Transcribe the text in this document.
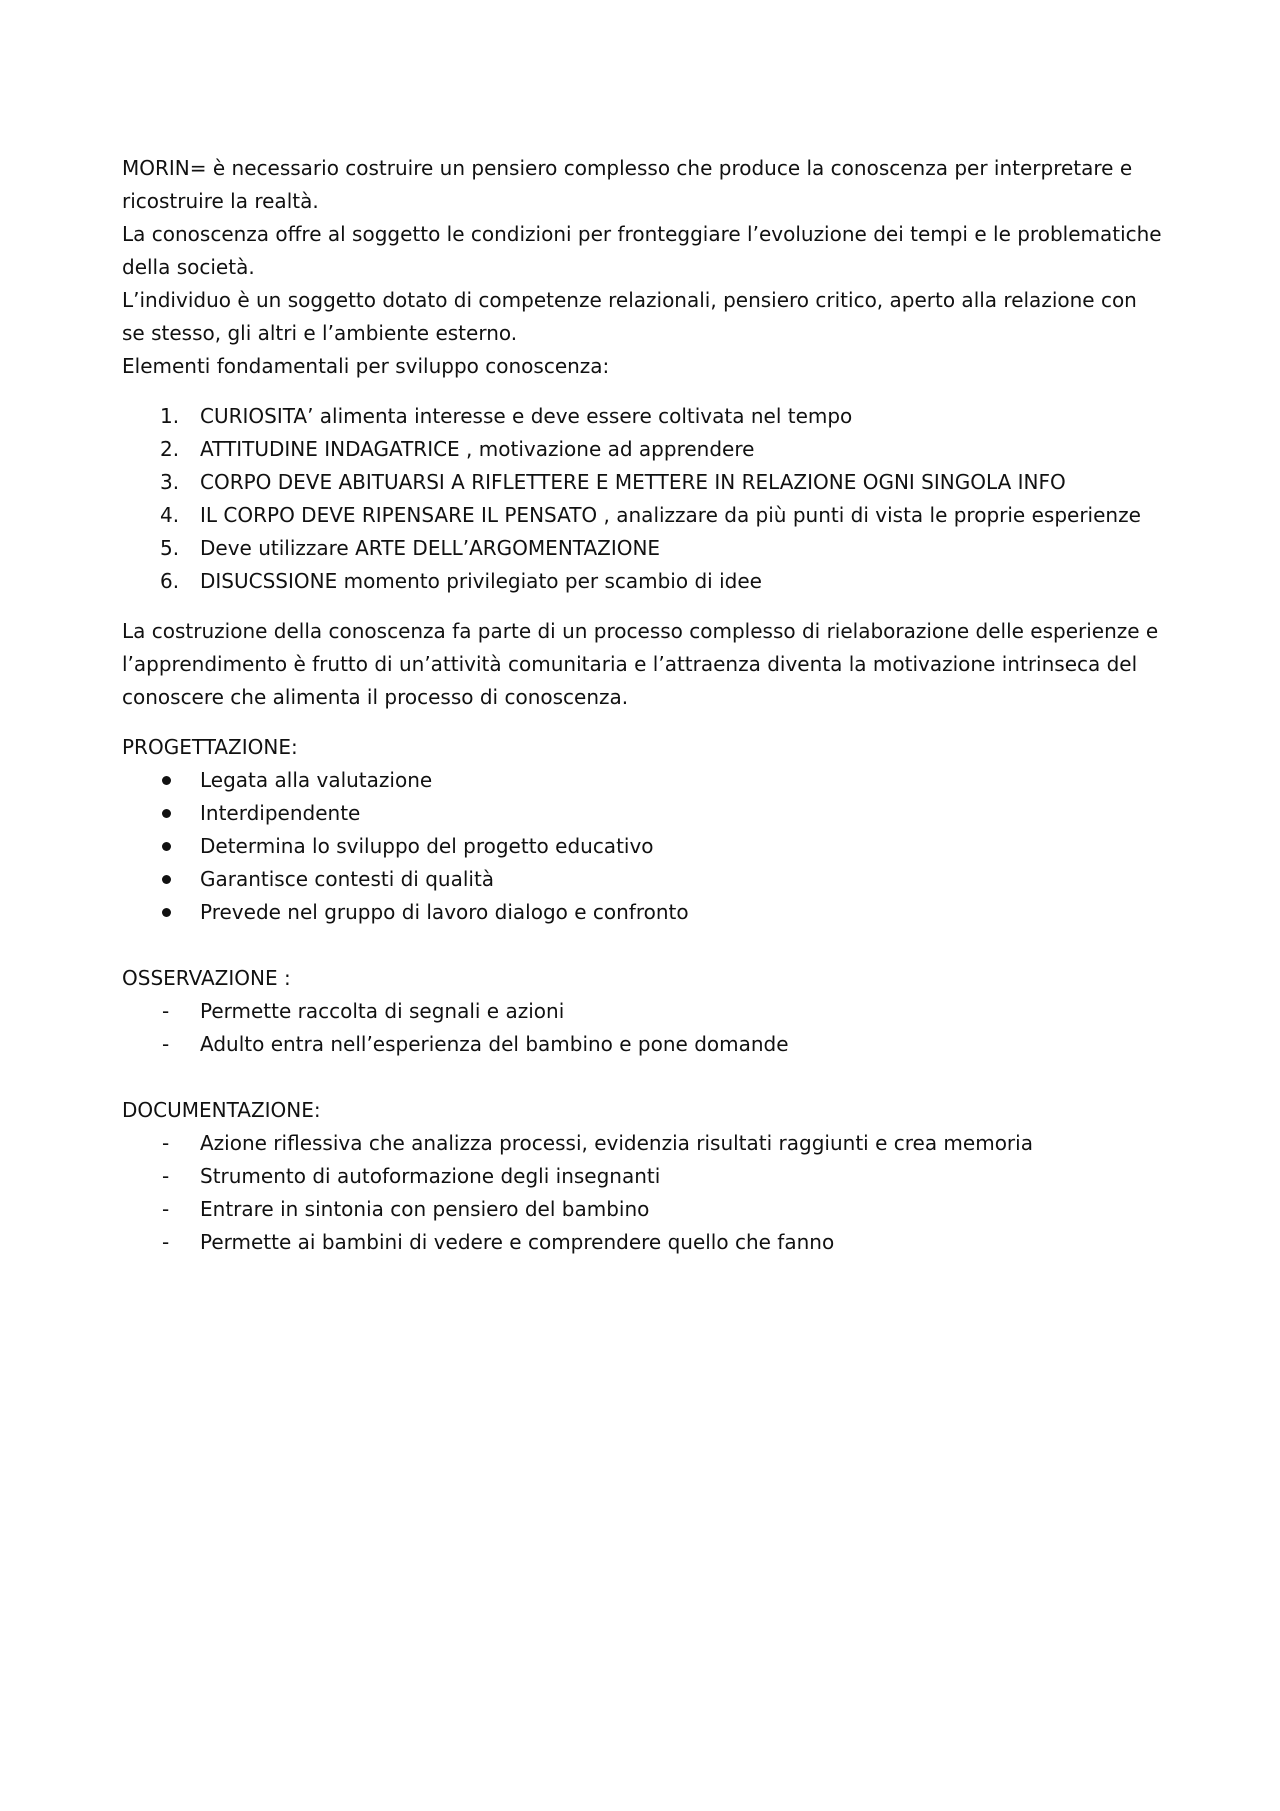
MORIN= è necessario costruire un pensiero complesso che produce la conoscenza per interpretare e ricostruire la realtà.

La conoscenza offre al soggetto le condizioni per fronteggiare l’evoluzione dei tempi e le problematiche della società.

L’individuo è un soggetto dotato di competenze relazionali, pensiero critico, aperto alla relazione con se stesso, gli altri e l’ambiente esterno.

Elementi fondamentali per sviluppo conoscenza:

1.	CURIOSITA’ alimenta interesse e deve essere coltivata nel tempo
2.	ATTITUDINE INDAGATRICE , motivazione ad apprendere
3.	CORPO DEVE ABITUARSI A RIFLETTERE E METTERE IN RELAZIONE OGNI SINGOLA INFO
4.	IL CORPO DEVE RIPENSARE IL PENSATO , analizzare da più punti di vista le proprie esperienze
5.	Deve utilizzare ARTE DELL’ARGOMENTAZIONE
6.	DISUCSSIONE momento privilegiato per scambio di idee

La costruzione della conoscenza fa parte di un processo complesso di rielaborazione delle esperienze e l’apprendimento è frutto di un’attività comunitaria e l’attraenza diventa la motivazione intrinseca del conoscere che alimenta il processo di conoscenza.

PROGETTAZIONE:

Legata alla valutazione
Interdipendente
Determina lo sviluppo del progetto educativo
Garantisce contesti di qualità
Prevede nel gruppo di lavoro dialogo e confronto

OSSERVAZIONE :

- Permette raccolta di segnali e azioni
- Adulto entra nell’esperienza del bambino e pone domande

DOCUMENTAZIONE:

- Azione riflessiva che analizza processi, evidenzia risultati raggiunti e crea memoria
- Strumento di autoformazione degli insegnanti
- Entrare in sintonia con pensiero del bambino
- Permette ai bambini di vedere e comprendere quello che fanno
